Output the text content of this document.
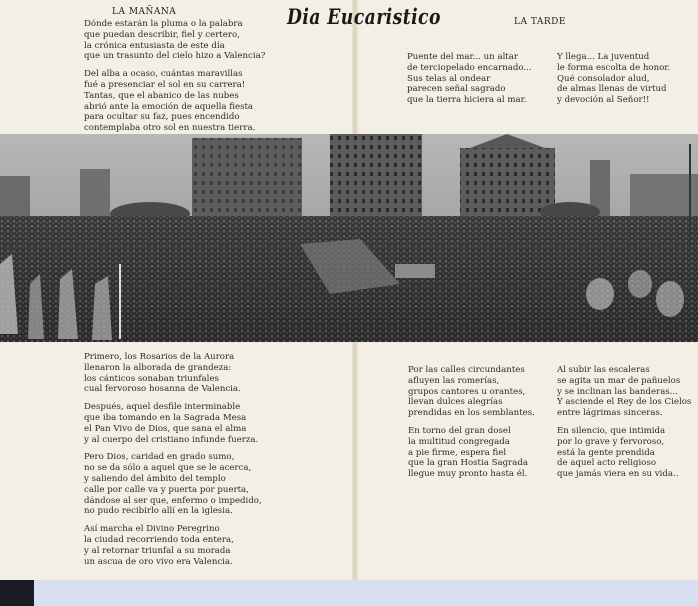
LA MAÑANA	Dia Eucaristico	LA TARDE
Dónde estarán la pluma o la palabra
que puedan describir, fiel y certero,
la crónica entusiasta de este día
que un trasunto del cielo hizo a Valencia?
Del alba a ocaso, cuántas maravillas
fué a presenciar el sol en su carrera!
Tantas, que el abanico de las nubes
abrió ante la emoción de aquella fiesta
para ocultar su faz, pues encendido
contemplaba otro sol en nuestra tierra.
Puente del mar... un altar
de terciopelado encarnado...
Sus telas al ondear
parecen señal sagrado
que la tierra hiciera al mar.
Y llega... La juventud
le forma escolta de honor.
Qué consolador alud,
de almas llenas de virtud
y devoción al Señor!!
Primero, los Rosarios de la Aurora
llenaron la alborada de grandeza:
los cánticos sonaban triunfales
cual fervoroso hosanna de Valencia.
Después, aquel desfile interminable
que iba tomando en la Sagrada Mesa
el Pan Vivo de Dios, que sana el alma
y al cuerpo del cristiano infunde fuerza.
Pero Dios, caridad en grado sumo,
no se da sólo a aquel que se le acerca,
y saliendo del ámbito del templo
calle por calle va y puerta por puerta,
dándose al ser que, enfermo o impedido,
no pudo recibirlo allí en la iglesia.
Así marcha el Divino Peregrino
la ciudad recorriendo toda entera,
y al retornar triunfal a su morada
un ascua de oro vivo era Valencia.
Por las calles circundantes
afluyen las romerías,
grupos cantores u orantes,
llevan dulces alegrías
prendidas en los semblantes.
En torno del gran dosel
la multitud congregada
a pie firme, espera fiel
que la gran Hostia Sagrada
llegue muy pronto hasta él.
Al subir las escaleras
se agita un mar de pañuelos
y se inclinan las banderas...
Y asciende el Rey de los Cielos
entre lágrimas sinceras.
En silencio, que intimida
por lo grave y fervoroso,
está la gente prendida
de aquel acto religioso
que jamás viera en su vida..
